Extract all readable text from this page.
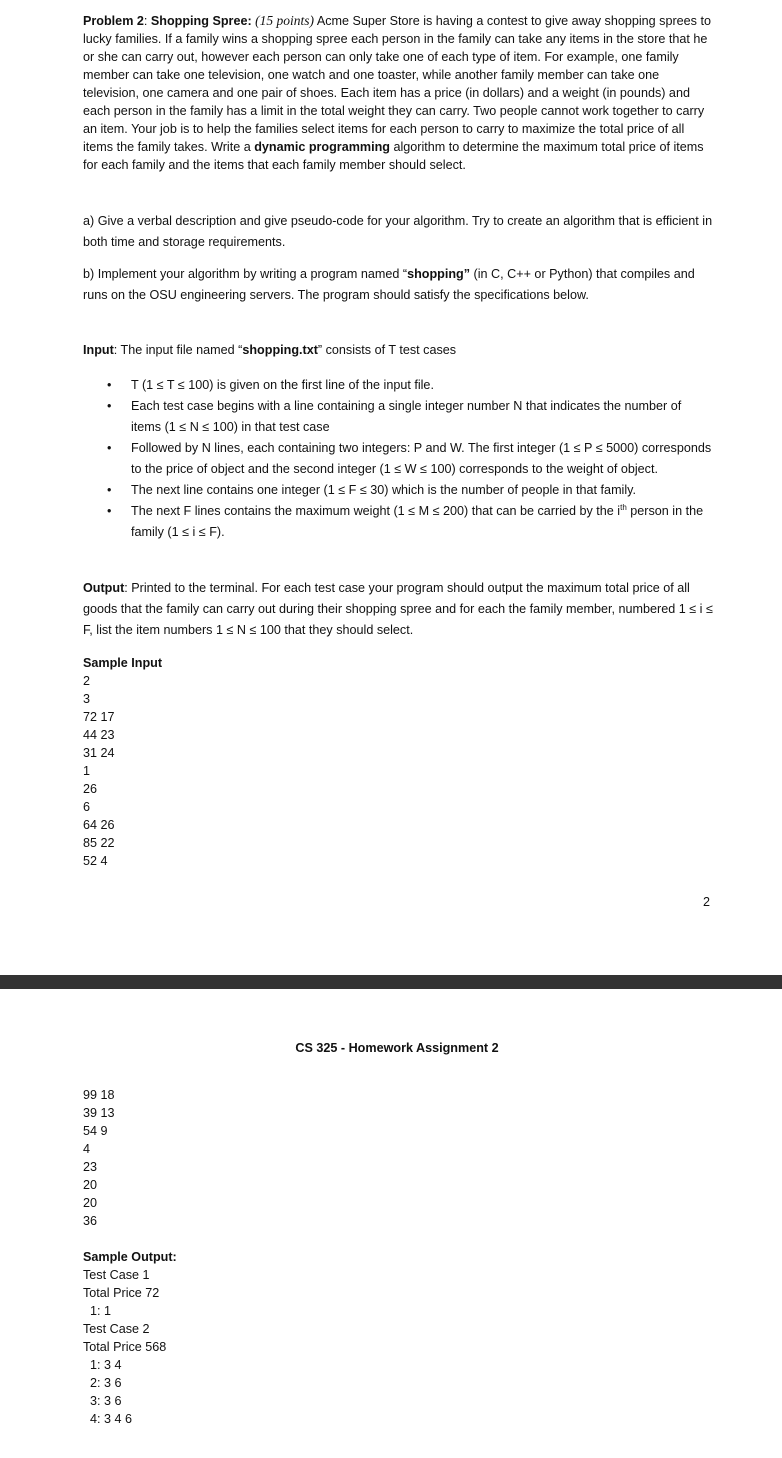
Problem 2: Shopping Spree: (15 points) Acme Super Store is having a contest to give away shopping sprees to lucky families. If a family wins a shopping spree each person in the family can take any items in the store that he or she can carry out, however each person can only take one of each type of item. For example, one family member can take one television, one watch and one toaster, while another family member can take one television, one camera and one pair of shoes. Each item has a price (in dollars) and a weight (in pounds) and each person in the family has a limit in the total weight they can carry. Two people cannot work together to carry an item. Your job is to help the families select items for each person to carry to maximize the total price of all items the family takes. Write a dynamic programming algorithm to determine the maximum total price of items for each family and the items that each family member should select.

a) Give a verbal description and give pseudo-code for your algorithm. Try to create an algorithm that is efficient in both time and storage requirements.

b) Implement your algorithm by writing a program named “shopping” (in C, C++ or Python) that compiles and runs on the OSU engineering servers. The program should satisfy the specifications below.

Input: The input file named “shopping.txt” consists of T test cases

• T (1 ≤ T ≤ 100) is given on the first line of the input file.
• Each test case begins with a line containing a single integer number N that indicates the number of items (1 ≤ N ≤ 100) in that test case
• Followed by N lines, each containing two integers: P and W. The first integer (1 ≤ P ≤ 5000) corresponds to the price of object and the second integer (1 ≤ W ≤ 100) corresponds to the weight of object.
• The next line contains one integer (1 ≤ F ≤ 30) which is the number of people in that family.
• The next F lines contains the maximum weight (1 ≤ M ≤ 200) that can be carried by the $i^{th}$ person in the family (1 ≤ i ≤ F).

Output: Printed to the terminal. For each test case your program should output the maximum total price of all goods that the family can carry out during their shopping spree and for each the family member, numbered 1 ≤ i ≤ F, list the item numbers 1 ≤ N ≤ 100 that they should select.

Sample Input

2
3
72 17
44 23
31 24
1
26
6
64 26
85 22
52 4
2
CS 325 - Homework Assignment 2
99 18
39 13
54 9
4
23
20
20
36

Sample Output:

Test Case 1
Total Price 72
1: 1
Test Case 2
Total Price 568
1: 3 4
2: 3 6
3: 3 6
4: 3 4 6
